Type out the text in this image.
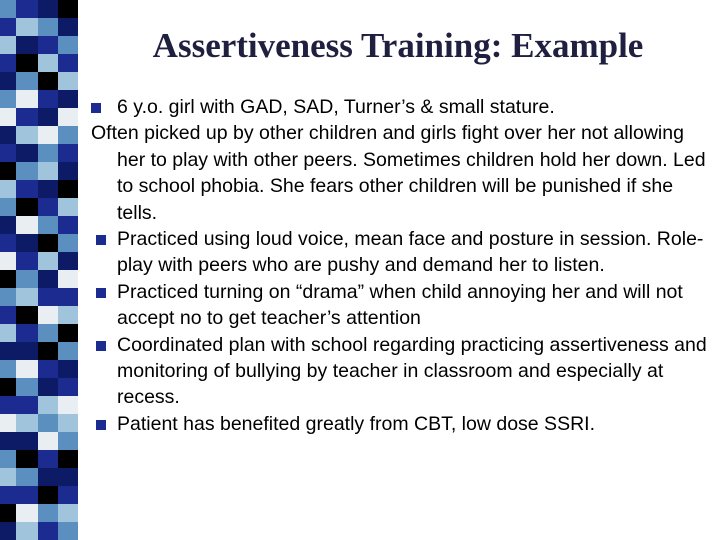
Assertiveness Training: Example

6 y.o. girl with GAD, SAD, Turner’s & small stature.

Often picked up by other children and girls fight over her not allowing her to play with other peers. Sometimes children hold her down. Led to school phobia. She fears other children will be punished if she tells.

Practiced using loud voice, mean face and posture in session. Role-play with peers who are pushy and demand her to listen.

Practiced turning on “drama” when child annoying her and will not accept no to get teacher’s attention

Coordinated plan with school regarding practicing assertiveness and monitoring of bullying by teacher in classroom and especially at recess.

Patient has benefited greatly from CBT, low dose SSRI.
